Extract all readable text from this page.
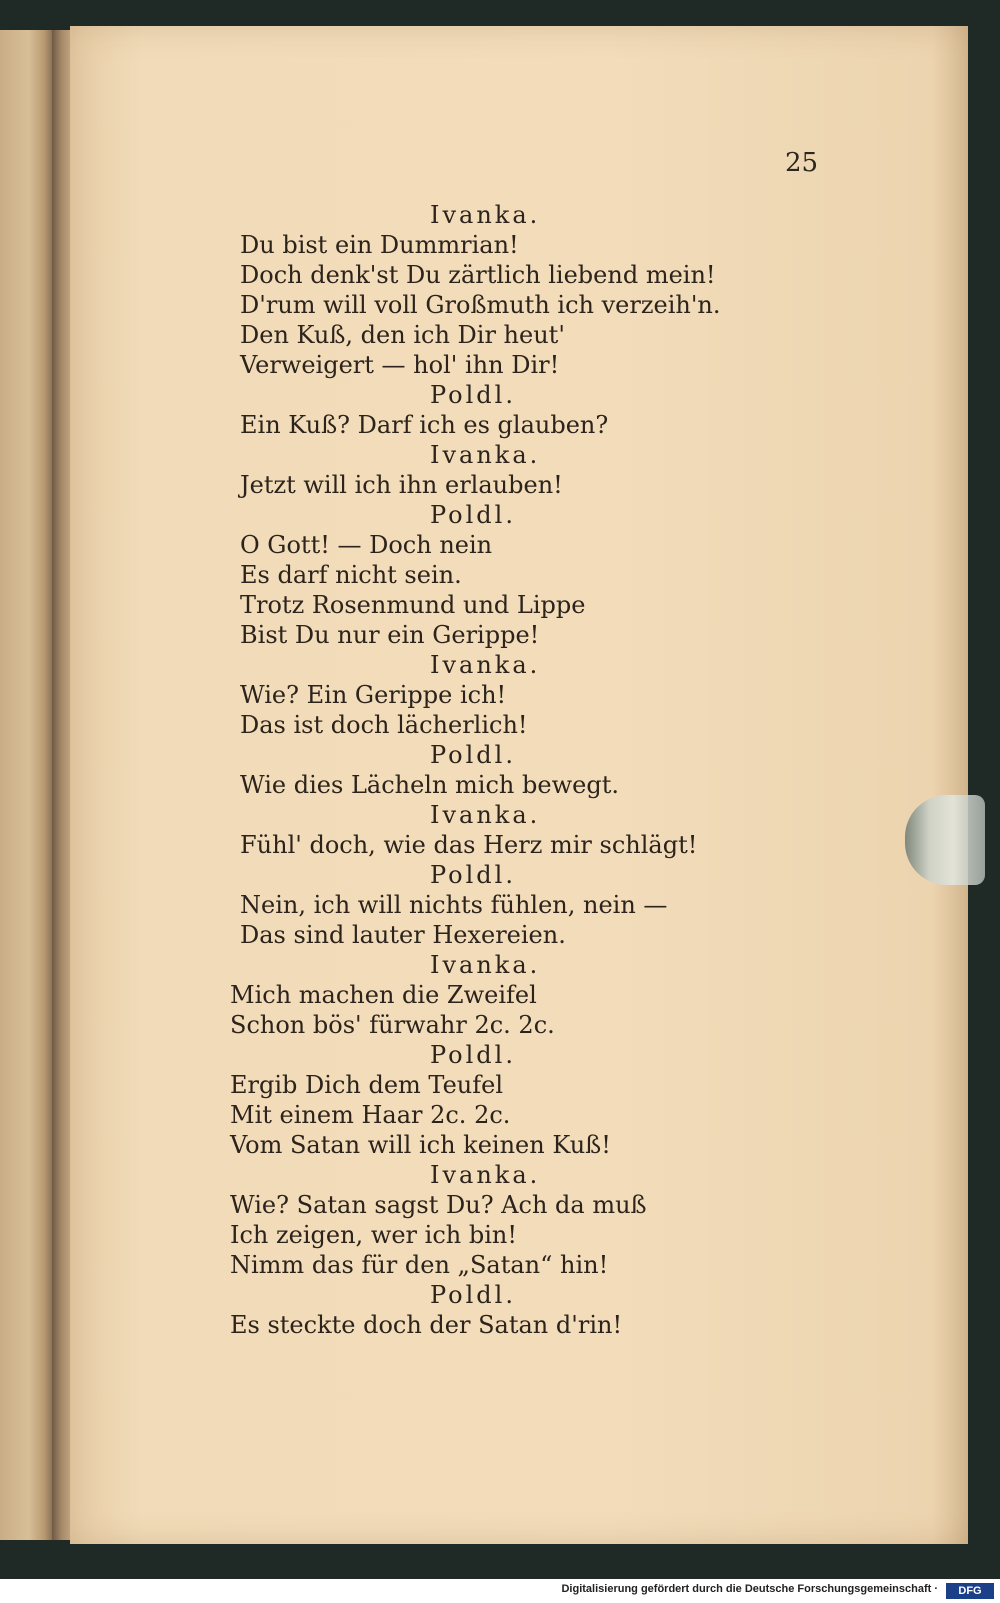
25
Ivanka.
Du bist ein Dummrian!
Doch denk'st Du zärtlich liebend mein!
D'rum will voll Großmuth ich verzeih'n.
Den Kuß, den ich Dir heut'
Verweigert — hol' ihn Dir!
Poldl.
Ein Kuß? Darf ich es glauben?
Ivanka.
Jetzt will ich ihn erlauben!
Poldl.
O Gott! — Doch nein
Es darf nicht sein.
Trotz Rosenmund und Lippe
Bist Du nur ein Gerippe!
Ivanka.
Wie? Ein Gerippe ich!
Das ist doch lächerlich!
Poldl.
Wie dies Lächeln mich bewegt.
Ivanka.
Fühl' doch, wie das Herz mir schlägt!
Poldl.
Nein, ich will nichts fühlen, nein —
Das sind lauter Hexereien.
Ivanka.
Mich machen die Zweifel
Schon bös' fürwahr 2c. 2c.
Poldl.
Ergib Dich dem Teufel
Mit einem Haar 2c. 2c.
Vom Satan will ich keinen Kuß!
Ivanka.
Wie? Satan sagst Du? Ach da muß
Ich zeigen, wer ich bin!
Nimm das für den „Satan“ hin!
Poldl.
Es steckte doch der Satan d'rin!
Digitalisierung gefördert durch die Deutsche Forschungsgemeinschaft ·	DFG
